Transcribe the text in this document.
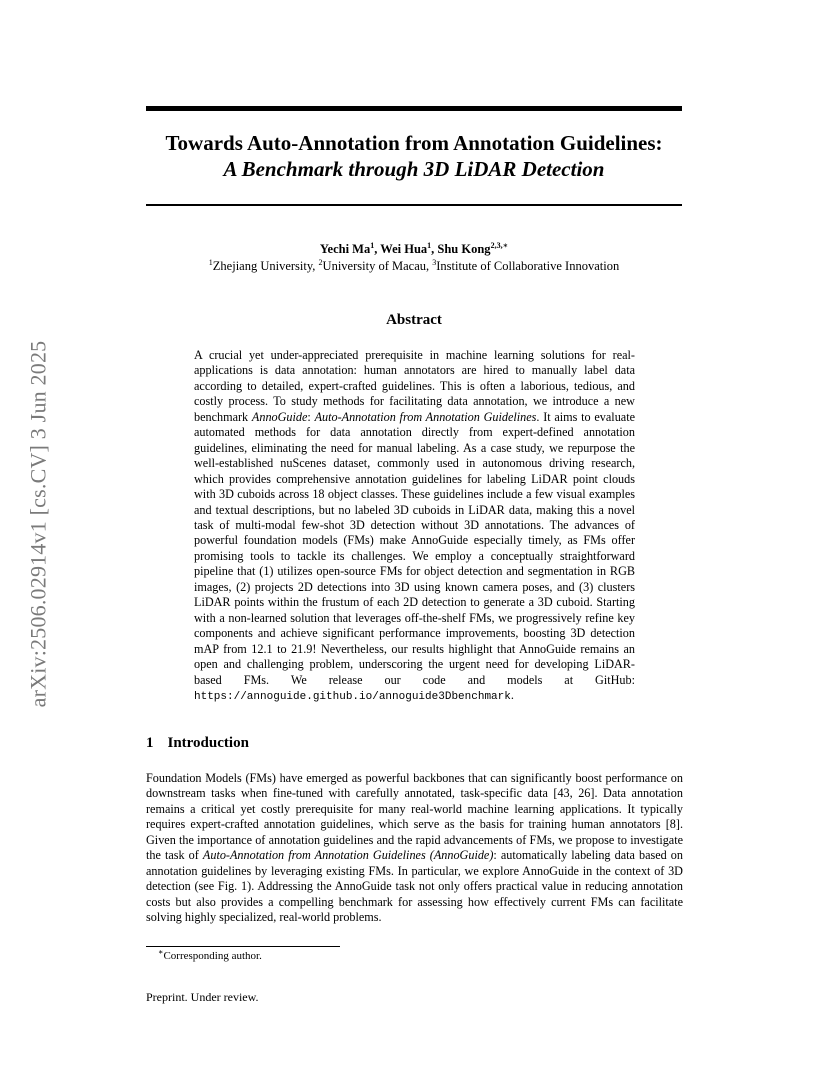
arXiv:2506.02914v1 [cs.CV] 3 Jun 2025
Towards Auto-Annotation from Annotation Guidelines:
A Benchmark through 3D LiDAR Detection
Yechi Ma$^1$, Wei Hua$^1$, Shu Kong$^{2,3,∗}$
$^1$Zhejiang University, $^2$University of Macau, $^3$Institute of Collaborative Innovation
Abstract
A crucial yet under-appreciated prerequisite in machine learning solutions for real-applications is data annotation: human annotators are hired to manually label data according to detailed, expert-crafted guidelines. This is often a laborious, tedious, and costly process. To study methods for facilitating data annotation, we introduce a new benchmark AnnoGuide: Auto-Annotation from Annotation Guidelines. It aims to evaluate automated methods for data annotation directly from expert-defined annotation guidelines, eliminating the need for manual labeling. As a case study, we repurpose the well-established nuScenes dataset, commonly used in autonomous driving research, which provides comprehensive annotation guidelines for labeling LiDAR point clouds with 3D cuboids across 18 object classes. These guidelines include a few visual examples and textual descriptions, but no labeled 3D cuboids in LiDAR data, making this a novel task of multi-modal few-shot 3D detection without 3D annotations. The advances of powerful foundation models (FMs) make AnnoGuide especially timely, as FMs offer promising tools to tackle its challenges. We employ a conceptually straightforward pipeline that (1) utilizes open-source FMs for object detection and segmentation in RGB images, (2) projects 2D detections into 3D using known camera poses, and (3) clusters LiDAR points within the frustum of each 2D detection to generate a 3D cuboid. Starting with a non-learned solution that leverages off-the-shelf FMs, we progressively refine key components and achieve significant performance improvements, boosting 3D detection mAP from 12.1 to 21.9! Nevertheless, our results highlight that AnnoGuide remains an open and challenging problem, underscoring the urgent need for developing LiDAR-based FMs. We release our code and models at GitHub: https://annoguide.github.io/annoguide3Dbenchmark.
1 Introduction
Foundation Models (FMs) have emerged as powerful backbones that can significantly boost performance on downstream tasks when fine-tuned with carefully annotated, task-specific data [43, 26]. Data annotation remains a critical yet costly prerequisite for many real-world machine learning applications. It typically requires expert-crafted annotation guidelines, which serve as the basis for training human annotators [8]. Given the importance of annotation guidelines and the rapid advancements of FMs, we propose to investigate the task of Auto-Annotation from Annotation Guidelines (AnnoGuide): automatically labeling data based on annotation guidelines by leveraging existing FMs. In particular, we explore AnnoGuide in the context of 3D detection (see Fig. 1). Addressing the AnnoGuide task not only offers practical value in reducing annotation costs but also provides a compelling benchmark for assessing how effectively current FMs can facilitate solving highly specialized, real-world problems.
∗Corresponding author.
Preprint. Under review.
